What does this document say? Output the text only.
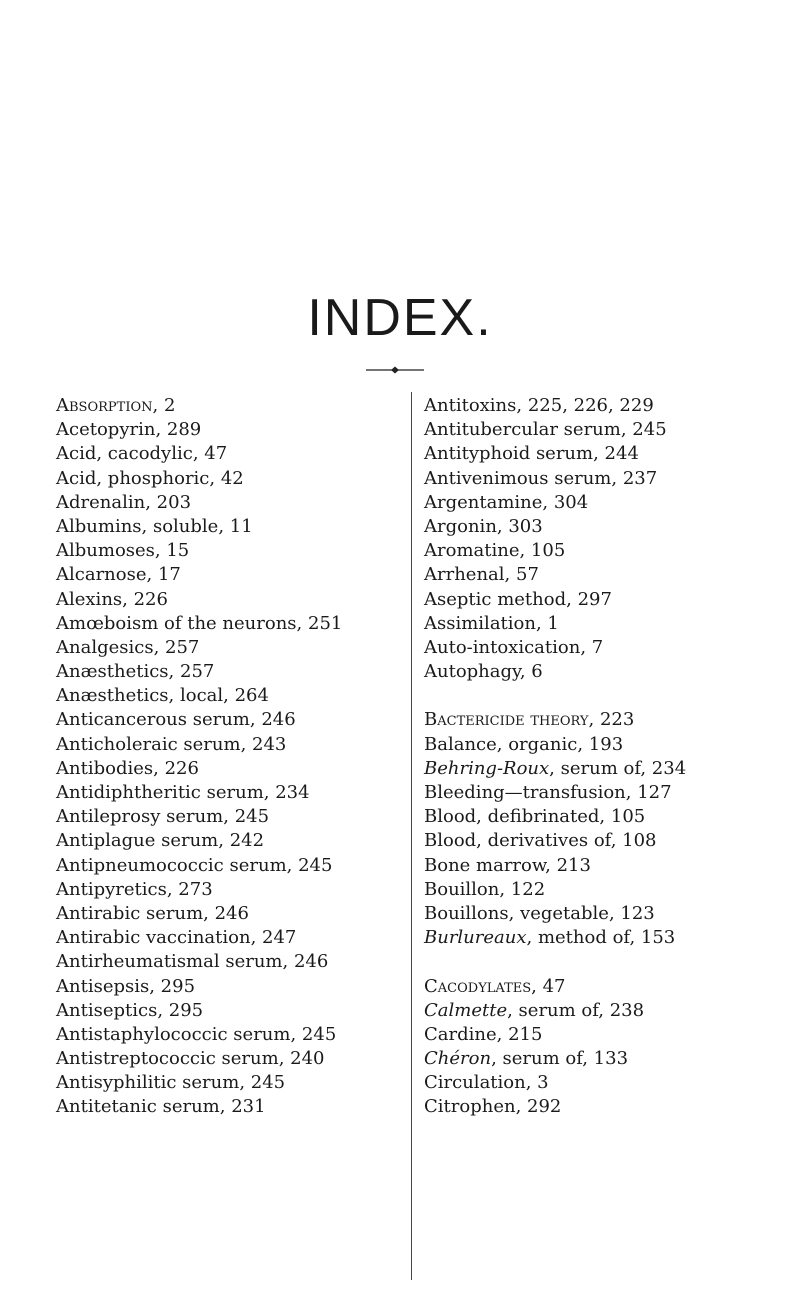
INDEX.
Absorption, 2
Acetopyrin, 289
Acid, cacodylic, 47
Acid, phosphoric, 42
Adrenalin, 203
Albumins, soluble, 11
Albumoses, 15
Alcarnose, 17
Alexins, 226
Amœboism of the neurons, 251
Analgesics, 257
Anæsthetics, 257
Anæsthetics, local, 264
Anticancerous serum, 246
Anticholeraic serum, 243
Antibodies, 226
Antidiphtheritic serum, 234
Antileprosy serum, 245
Antiplague serum, 242
Antipneumococcic serum, 245
Antipyretics, 273
Antirabic serum, 246
Antirabic vaccination, 247
Antirheumatismal serum, 246
Antisepsis, 295
Antiseptics, 295
Antistaphylococcic serum, 245
Antistreptococcic serum, 240
Antisyphilitic serum, 245
Antitetanic serum, 231
Antitoxins, 225, 226, 229
Antitubercular serum, 245
Antityphoid serum, 244
Antivenimous serum, 237
Argentamine, 304
Argonin, 303
Aromatine, 105
Arrhenal, 57
Aseptic method, 297
Assimilation, 1
Auto-intoxication, 7
Autophagy, 6
Bactericide theory, 223
Balance, organic, 193
Behring-Roux, serum of, 234
Bleeding—transfusion, 127
Blood, defibrinated, 105
Blood, derivatives of, 108
Bone marrow, 213
Bouillon, 122
Bouillons, vegetable, 123
Burlureaux, method of, 153
Cacodylates, 47
Calmette, serum of, 238
Cardine, 215
Chéron, serum of, 133
Circulation, 3
Citrophen, 292
